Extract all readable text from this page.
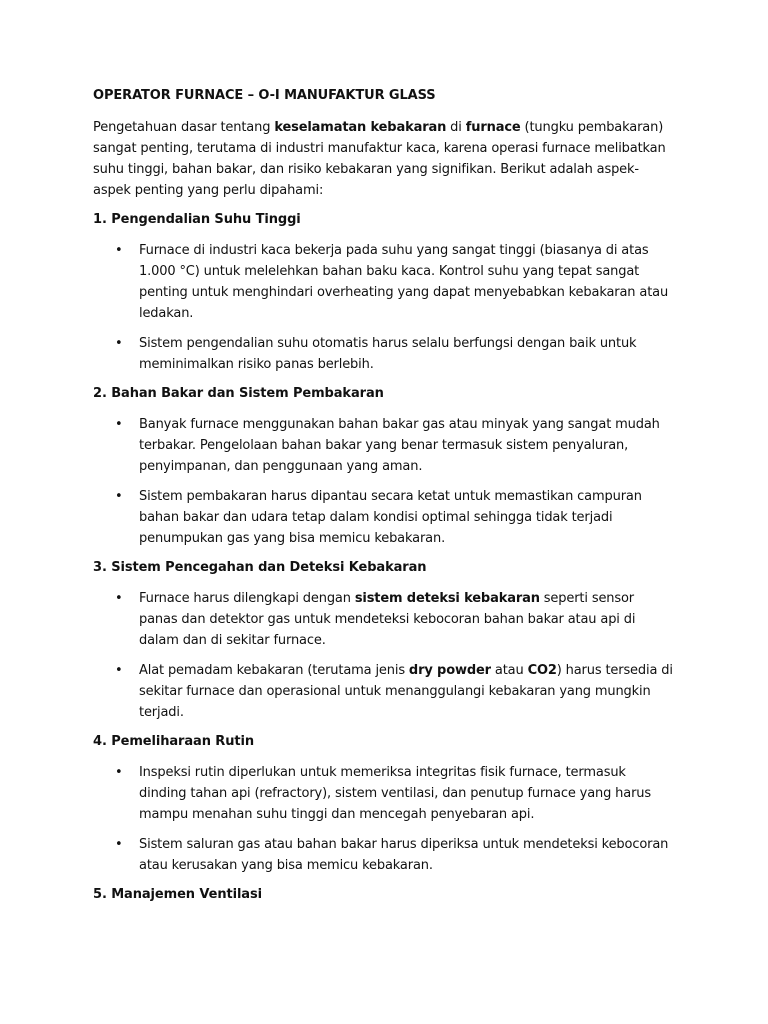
OPERATOR FURNACE – O-I MANUFAKTUR GLASS

Pengetahuan dasar tentang keselamatan kebakaran di furnace (tungku pembakaran) sangat penting, terutama di industri manufaktur kaca, karena operasi furnace melibatkan suhu tinggi, bahan bakar, dan risiko kebakaran yang signifikan. Berikut adalah aspek-aspek penting yang perlu dipahami:

1. Pengendalian Suhu Tinggi
• Furnace di industri kaca bekerja pada suhu yang sangat tinggi (biasanya di atas 1.000 °C) untuk melelehkan bahan baku kaca. Kontrol suhu yang tepat sangat penting untuk menghindari overheating yang dapat menyebabkan kebakaran atau ledakan.
• Sistem pengendalian suhu otomatis harus selalu berfungsi dengan baik untuk meminimalkan risiko panas berlebih.
2. Bahan Bakar dan Sistem Pembakaran
• Banyak furnace menggunakan bahan bakar gas atau minyak yang sangat mudah terbakar. Pengelolaan bahan bakar yang benar termasuk sistem penyaluran, penyimpanan, dan penggunaan yang aman.
• Sistem pembakaran harus dipantau secara ketat untuk memastikan campuran bahan bakar dan udara tetap dalam kondisi optimal sehingga tidak terjadi penumpukan gas yang bisa memicu kebakaran.
3. Sistem Pencegahan dan Deteksi Kebakaran
• Furnace harus dilengkapi dengan sistem deteksi kebakaran seperti sensor panas dan detektor gas untuk mendeteksi kebocoran bahan bakar atau api di dalam dan di sekitar furnace.
• Alat pemadam kebakaran (terutama jenis dry powder atau CO2) harus tersedia di sekitar furnace dan operasional untuk menanggulangi kebakaran yang mungkin terjadi.
4. Pemeliharaan Rutin
• Inspeksi rutin diperlukan untuk memeriksa integritas fisik furnace, termasuk dinding tahan api (refractory), sistem ventilasi, dan penutup furnace yang harus mampu menahan suhu tinggi dan mencegah penyebaran api.
• Sistem saluran gas atau bahan bakar harus diperiksa untuk mendeteksi kebocoran atau kerusakan yang bisa memicu kebakaran.
5. Manajemen Ventilasi
